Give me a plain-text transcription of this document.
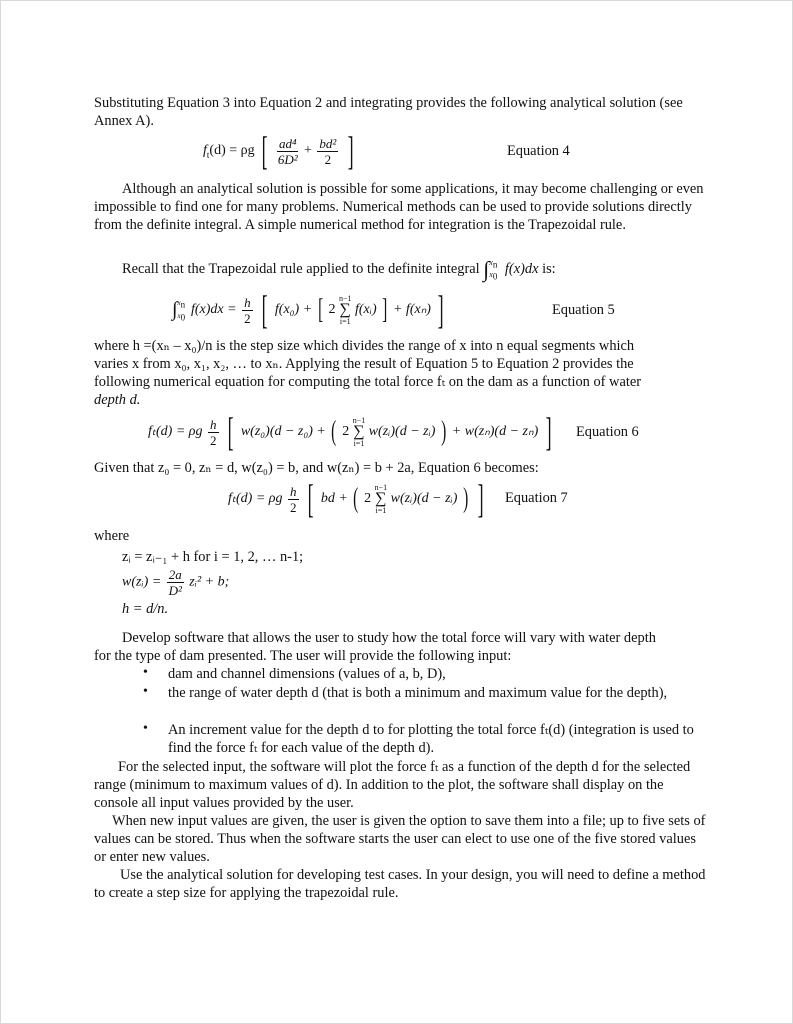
Substituting Equation 3 into Equation 2 and integrating provides the following analytical solution (see Annex A).

$f_t(d) = \rho g$ [ $\frac{\text{ad⁴}}{\text{6D²}} + \frac{\text{bd²}}{2}$ ]	Equation 4

Although an analytical solution is possible for some applications, it may become challenging or even impossible to find one for many problems. Numerical methods can be used to provide solutions directly from the definite integral. A simple numerical method for integration is the Trapezoidal rule.

Recall that the Trapezoidal rule applied to the definite integral $\int x_n$
$x_0$ f(x)dx is:
$\int x_n$
$x_0$ $f(x)dx = \frac{h}{2}$ [ f(x₀) + [ 2
n−1
∑
i=1
f(xᵢ) ] + f(xₙ) ]	Equation 5

where h =(xₙ – x₀)/n is the step size which divides the range of x into n equal segments which

varies x from x₀, x₁, x₂, … to xₙ. Applying the result of Equation 5 to Equation 2 provides the

following numerical equation for computing the total force fₜ on the dam as a function of water

depth d.

fₜ(d) = ρg $\frac{h}{2}$ [ w(z₀)(d − z₀) + ( 2
n−1
∑
i=1
w(zᵢ)(d − zᵢ) ) + w(zₙ)(d − zₙ) ] Equation 6

Given that z₀ = 0, zₙ = d, w(z₀) = b, and w(zₙ) = b + 2a, Equation 6 becomes:

fₜ(d) = ρg $\frac{h}{2}$ [ bd + ( 2
n−1
∑
i=1
w(zᵢ)(d − zᵢ) ) ] Equation 7

where

zᵢ = zᵢ₋₁ + h for i = 1, 2, … n-1;
w(zᵢ) = $\frac{2a}{\text{D²}}$ zᵢ² + b;
h = d/n.

Develop software that allows the user to study how the total force will vary with water depth

for the type of dam presented. The user will provide the following input:

• dam and channel dimensions (values of a, b, D),

• the range of water depth d (that is both a minimum and maximum value for the depth),

• An increment value for the depth d to for plotting the total force fₜ(d) (integration is used to find the force fₜ for each value of the depth d).

For the selected input, the software will plot the force fₜ as a function of the depth d for the selected range (minimum to maximum values of d). In addition to the plot, the software shall display on the console all input values provided by the user.

When new input values are given, the user is given the option to save them into a file; up to five sets of values can be stored. Thus when the software starts the user can elect to use one of the five stored values or enter new values.

Use the analytical solution for developing test cases. In your design, you will need to define a method to create a step size for applying the trapezoidal rule.
